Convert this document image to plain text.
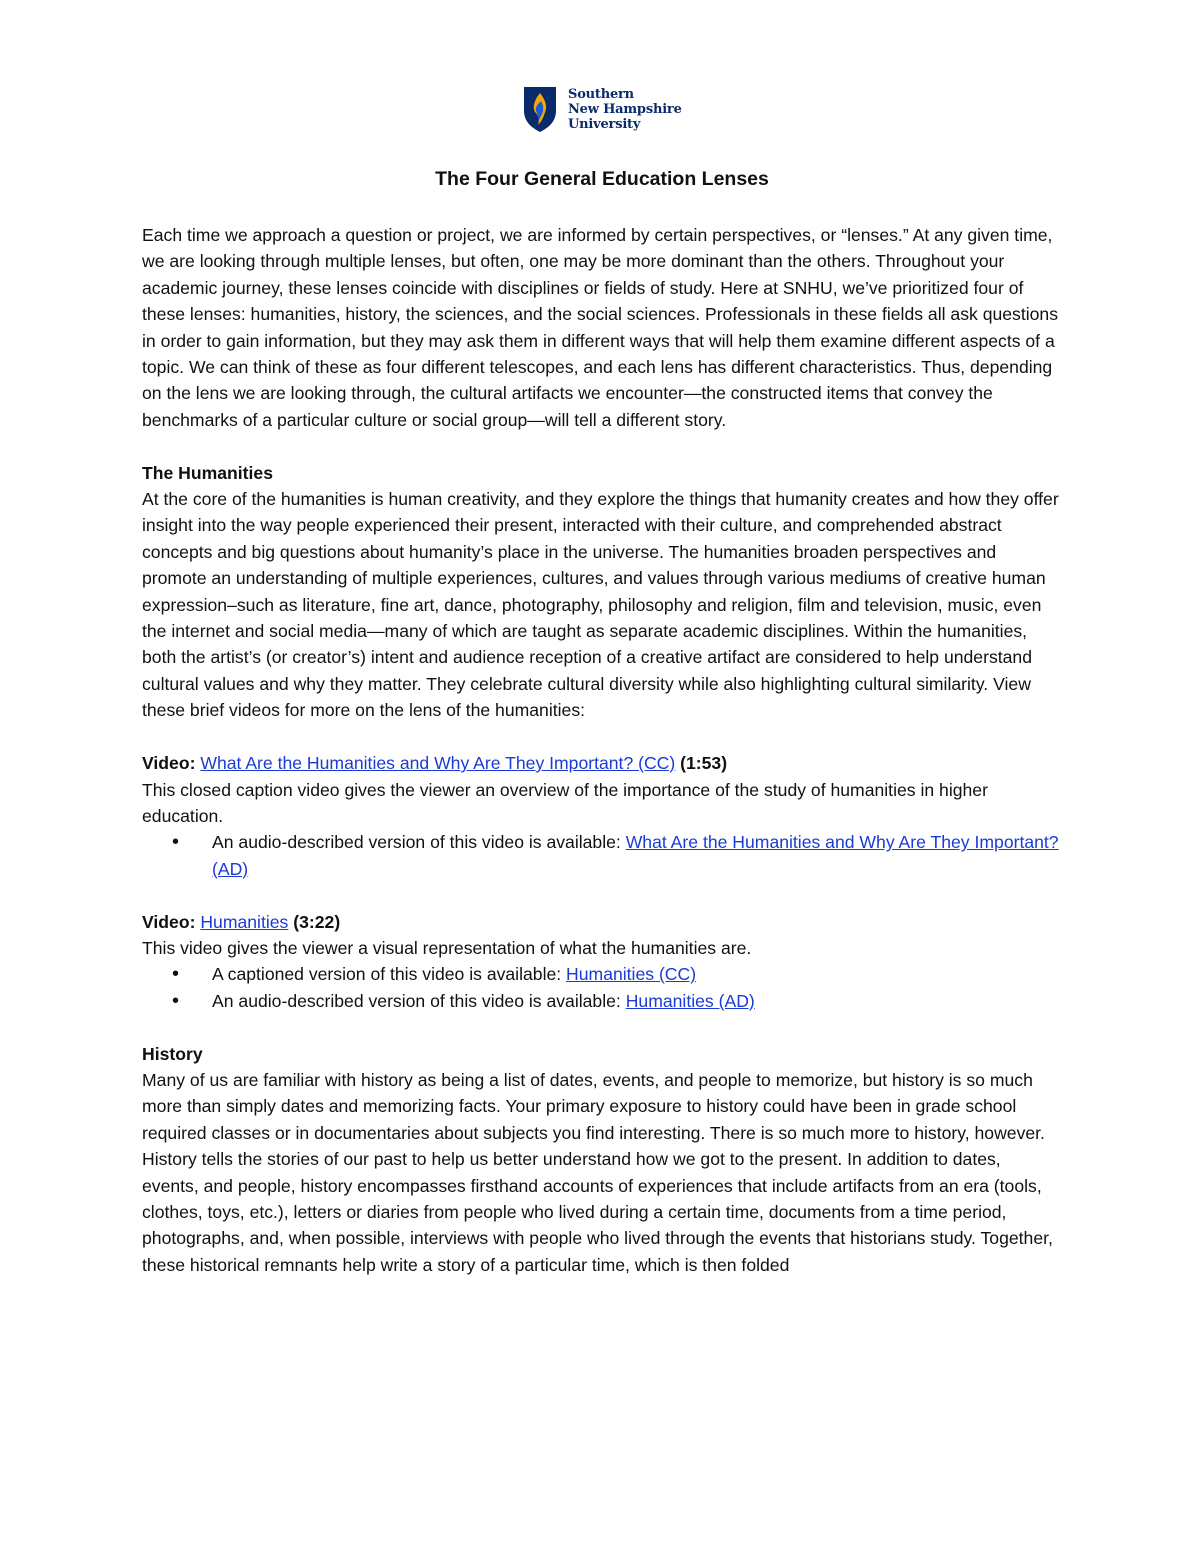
Southern
New Hampshire
University
The Four General Education Lenses

Each time we approach a question or project, we are informed by certain perspectives, or “lenses.” At any given time, we are looking through multiple lenses, but often, one may be more dominant than the others. Throughout your academic journey, these lenses coincide with disciplines or fields of study. Here at SNHU, we’ve prioritized four of these lenses: humanities, history, the sciences, and the social sciences. Professionals in these fields all ask questions in order to gain information, but they may ask them in different ways that will help them examine different aspects of a topic. We can think of these as four different telescopes, and each lens has different characteristics. Thus, depending on the lens we are looking through, the cultural artifacts we encounter—the constructed items that convey the benchmarks of a particular culture or social group—will tell a different story.

The Humanities

At the core of the humanities is human creativity, and they explore the things that humanity creates and how they offer insight into the way people experienced their present, interacted with their culture, and comprehended abstract concepts and big questions about humanity’s place in the universe. The humanities broaden perspectives and promote an understanding of multiple experiences, cultures, and values through various mediums of creative human expression–such as literature, fine art, dance, photography, philosophy and religion, film and television, music, even the internet and social media—many of which are taught as separate academic disciplines. Within the humanities, both the artist’s (or creator’s) intent and audience reception of a creative artifact are considered to help understand cultural values and why they matter. They celebrate cultural diversity while also highlighting cultural similarity. View these brief videos for more on the lens of the humanities:

Video: What Are the Humanities and Why Are They Important? (CC) (1:53)

This closed caption video gives the viewer an overview of the importance of the study of humanities in higher education.

• An audio-described version of this video is available: What Are the Humanities and Why Are They Important? (AD)

Video: Humanities (3:22)

This video gives the viewer a visual representation of what the humanities are.

• A captioned version of this video is available: Humanities (CC)
• An audio-described version of this video is available: Humanities (AD)

History

Many of us are familiar with history as being a list of dates, events, and people to memorize, but history is so much more than simply dates and memorizing facts. Your primary exposure to history could have been in grade school required classes or in documentaries about subjects you find interesting. There is so much more to history, however. History tells the stories of our past to help us better understand how we got to the present. In addition to dates, events, and people, history encompasses firsthand accounts of experiences that include artifacts from an era (tools, clothes, toys, etc.), letters or diaries from people who lived during a certain time, documents from a time period, photographs, and, when possible, interviews with people who lived through the events that historians study. Together, these historical remnants help write a story of a particular time, which is then folded
